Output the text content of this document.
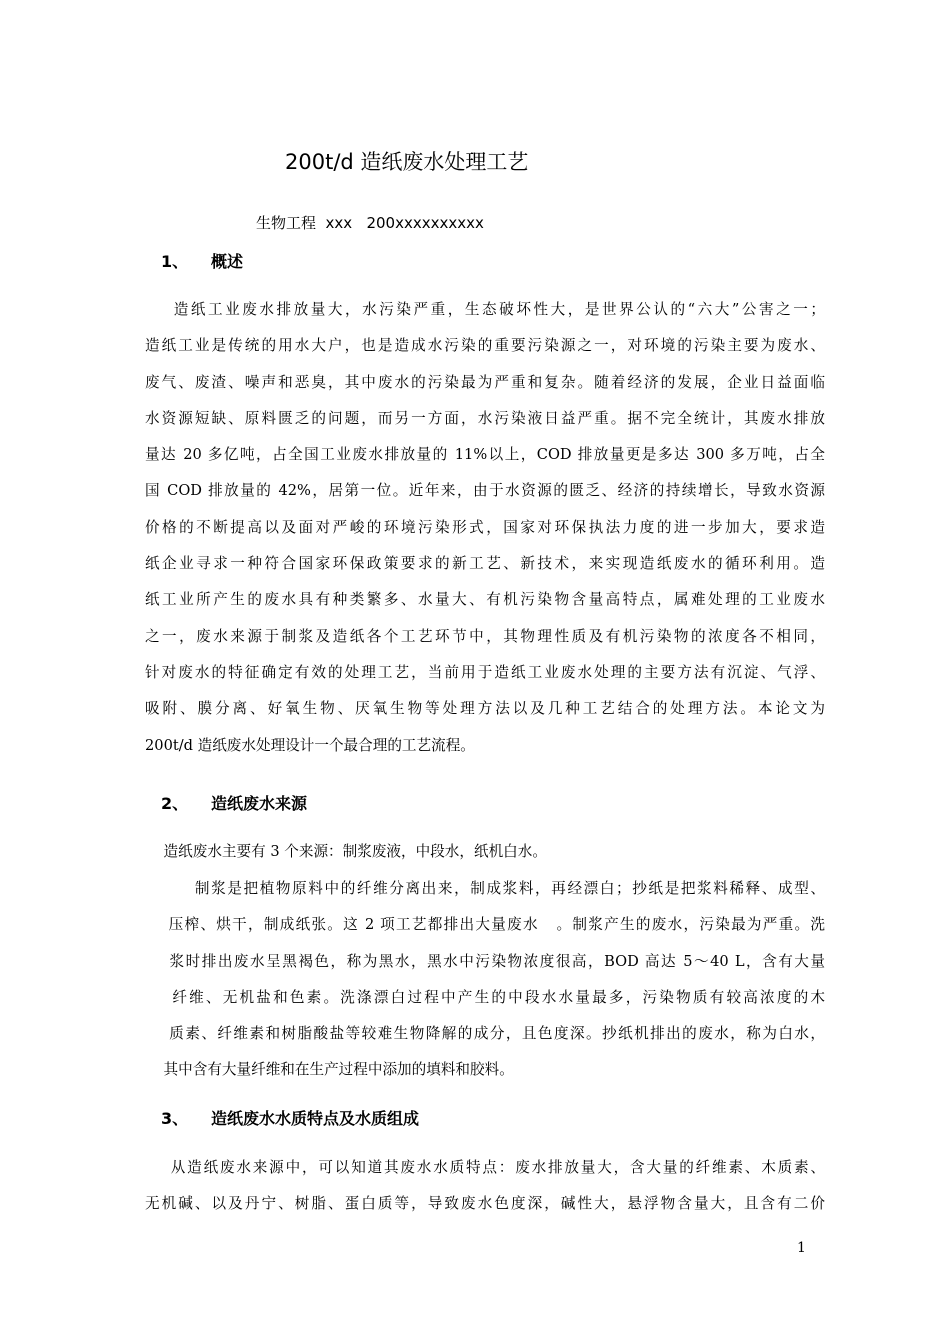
200t/d 造纸废水处理工艺
生物工程  xxx   200xxxxxxxxxx
1、 概述
造纸工业废水排放量大，水污染严重，生态破坏性大，是世界公认的“六大”公害之一；
造纸工业是传统的用水大户，也是造成水污染的重要污染源之一，对环境的污染主要为废水、
废气、废渣、噪声和恶臭，其中废水的污染最为严重和复杂。随着经济的发展，企业日益面临
水资源短缺、原料匮乏的问题，而另一方面，水污染液日益严重。据不完全统计，其废水排放
量达 20 多亿吨，占全国工业废水排放量的 11%以上，COD 排放量更是多达 300 多万吨，占全
国 COD 排放量的 42%，居第一位。近年来，由于水资源的匮乏、经济的持续增长，导致水资源
价格的不断提高以及面对严峻的环境污染形式，国家对环保执法力度的进一步加大，要求造
纸企业寻求一种符合国家环保政策要求的新工艺、新技术，来实现造纸废水的循环利用。造
纸工业所产生的废水具有种类繁多、水量大、有机污染物含量高特点，属难处理的工业废水
之一，废水来源于制浆及造纸各个工艺环节中，其物理性质及有机污染物的浓度各不相同，
针对废水的特征确定有效的处理工艺，当前用于造纸工业废水处理的主要方法有沉淀、气浮、
吸附、膜分离、好氧生物、厌氧生物等处理方法以及几种工艺结合的处理方法。本论文为
200t/d 造纸废水处理设计一个最合理的工艺流程。
2、 造纸废水来源
造纸废水主要有 3 个来源：制浆废液，中段水，纸机白水。
制浆是把植物原料中的纤维分离出来，制成浆料，再经漂白；抄纸是把浆料稀释、成型、
压榨、烘干，制成纸张。这 2 项工艺都排出大量废水   。制浆产生的废水，污染最为严重。洗
浆时排出废水呈黑褐色，称为黑水，黑水中污染物浓度很高，BOD 高达 5～40 L，含有大量
纤维、无机盐和色素。洗涤漂白过程中产生的中段水水量最多，污染物质有较高浓度的木
质素、纤维素和树脂酸盐等较难生物降解的成分，且色度深。抄纸机排出的废水，称为白水，
其中含有大量纤维和在生产过程中添加的填料和胶料。
3、 造纸废水水质特点及水质组成
从造纸废水来源中，可以知道其废水水质特点：废水排放量大，含大量的纤维素、木质素、
无机碱、以及丹宁、树脂、蛋白质等，导致废水色度深，碱性大，悬浮物含量大，且含有二价
1
